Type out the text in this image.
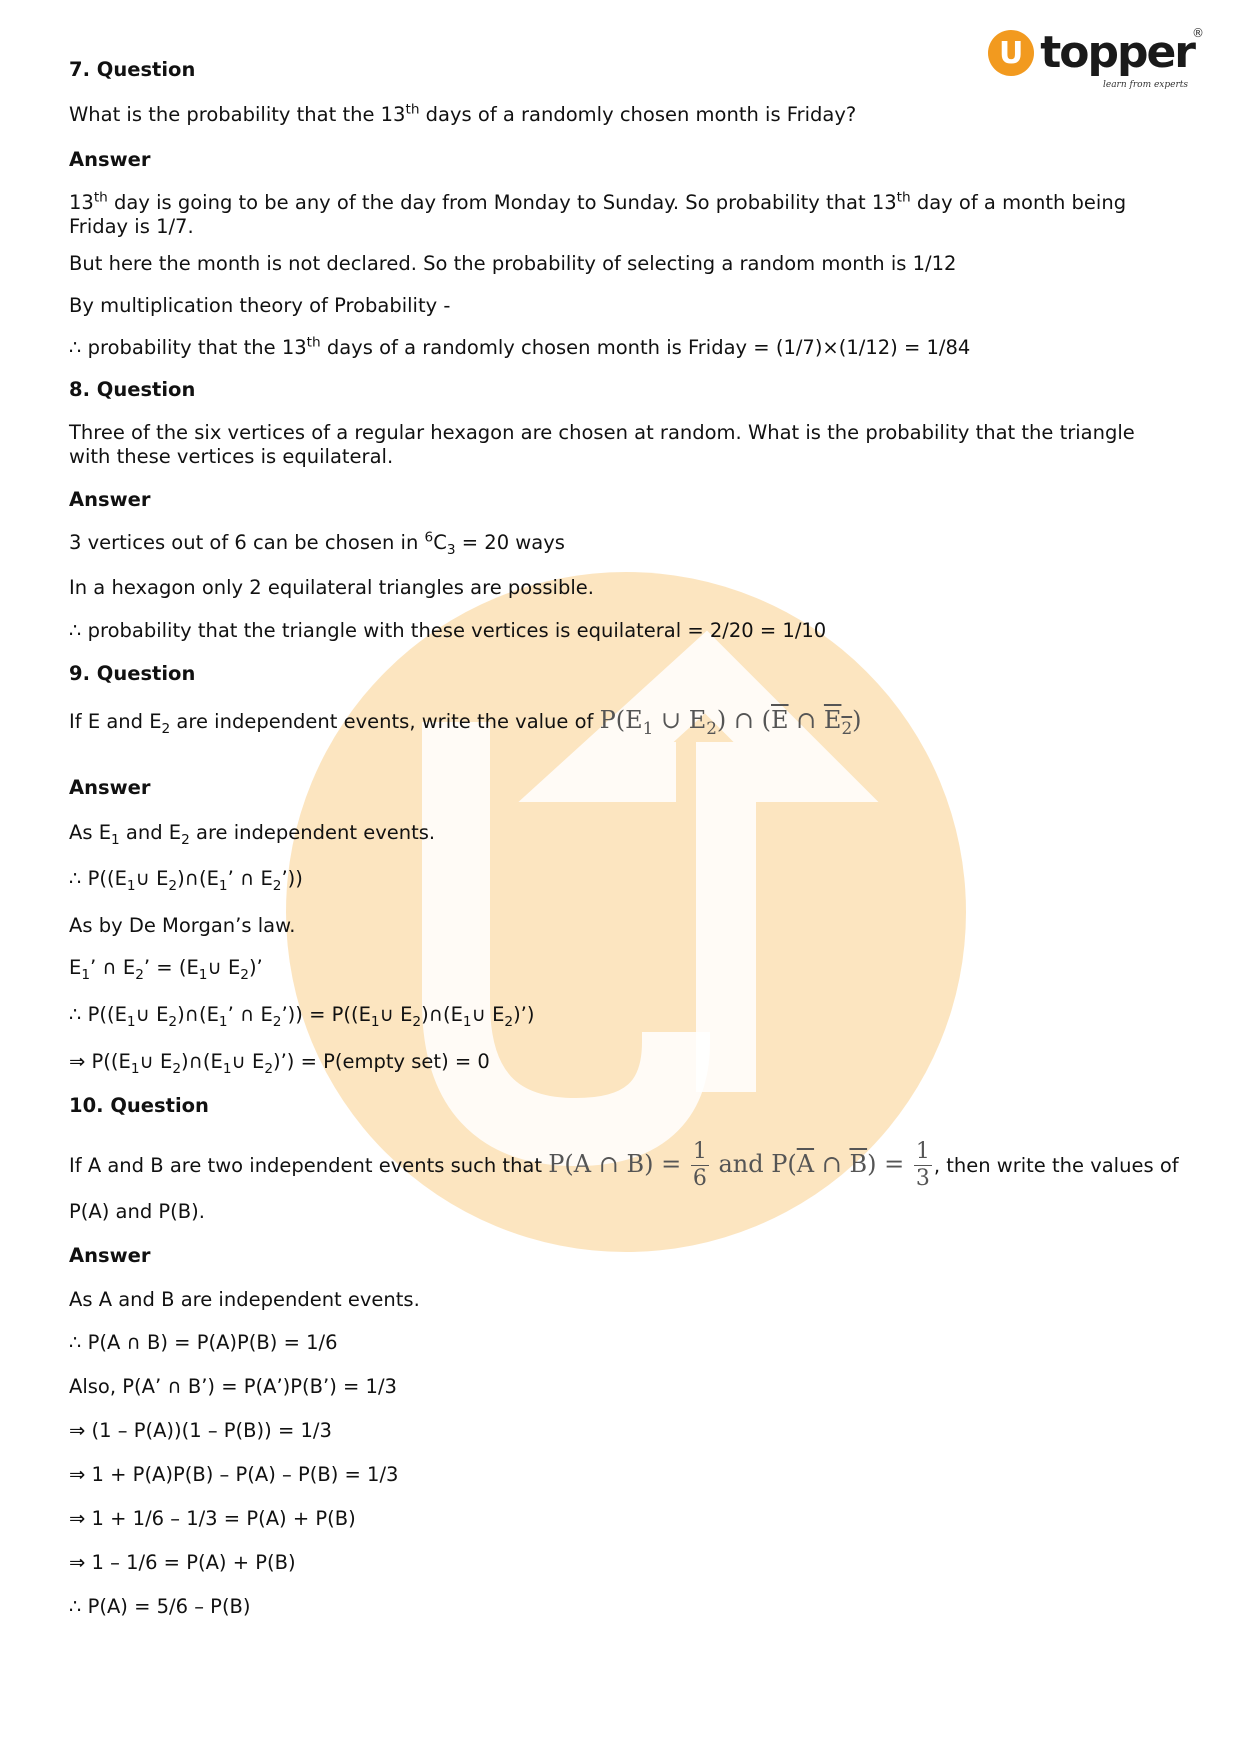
U topper
®
learn from experts
7. Question
What is the probability that the 13th days of a randomly chosen month is Friday?
Answer
13th day is going to be any of the day from Monday to Sunday. So probability that 13th day of a month being Friday is 1/7.
But here the month is not declared. So the probability of selecting a random month is 1/12
By multiplication theory of Probability -
∴ probability that the 13th days of a randomly chosen month is Friday = (1/7)×(1/12) = 1/84
8. Question
Three of the six vertices of a regular hexagon are chosen at random. What is the probability that the triangle with these vertices is equilateral.
Answer
3 vertices out of 6 can be chosen in $^6C_3 = 20$ ways
In a hexagon only 2 equilateral triangles are possible.
∴ probability that the triangle with these vertices is equilateral = 2/20 = 1/10
9. Question
If E and $E_2$ are independent events, write the value of $P(E_1$ ∪ $E_2$) ∩ ($\overline{E}$ ∩ $E_2$)
Answer
As $E_1$ and $E_2$ are independent events.
∴ $P((E_1\cup$ $E_2)\cap(E_1$’ ∩ $E_2$’))
As by De Morgan’s law.
$E_1$’ ∩ $E_2$’ = ($E_1\cup$ $E_2$)’
∴ $P((E_1\cup$ $E_2)\cap(E_1$’ ∩ $E_2$’)) = $P((E_1\cup$ $E_2)\cap(E_1\cup$ $E_2$)’)
⇒ $P((E_1\cup$ $E_2)\cap(E_1\cup$ $E_2$)’) = P(empty set) = 0
10. Question
If A and B are two independent events such that P(A ∩ $B) = \frac{1}{6}$ and $P(\overline{A}$ ∩ $\overline{B}) = \frac{1}{3}$ , then write the values of
P(A) and P(B).
Answer
As A and B are independent events.
∴ P(A ∩ B) = P(A)P(B) = 1/6
Also, P(A’ ∩ B’) = P(A’)P(B’) = 1/3
⇒ (1 – P(A))(1 – P(B)) = 1/3
⇒ 1 + P(A)P(B) – P(A) – P(B) = 1/3
⇒ 1 + 1/6 – 1/3 = P(A) + P(B)
⇒ 1 – 1/6 = P(A) + P(B)
∴ P(A) = 5/6 – P(B)
